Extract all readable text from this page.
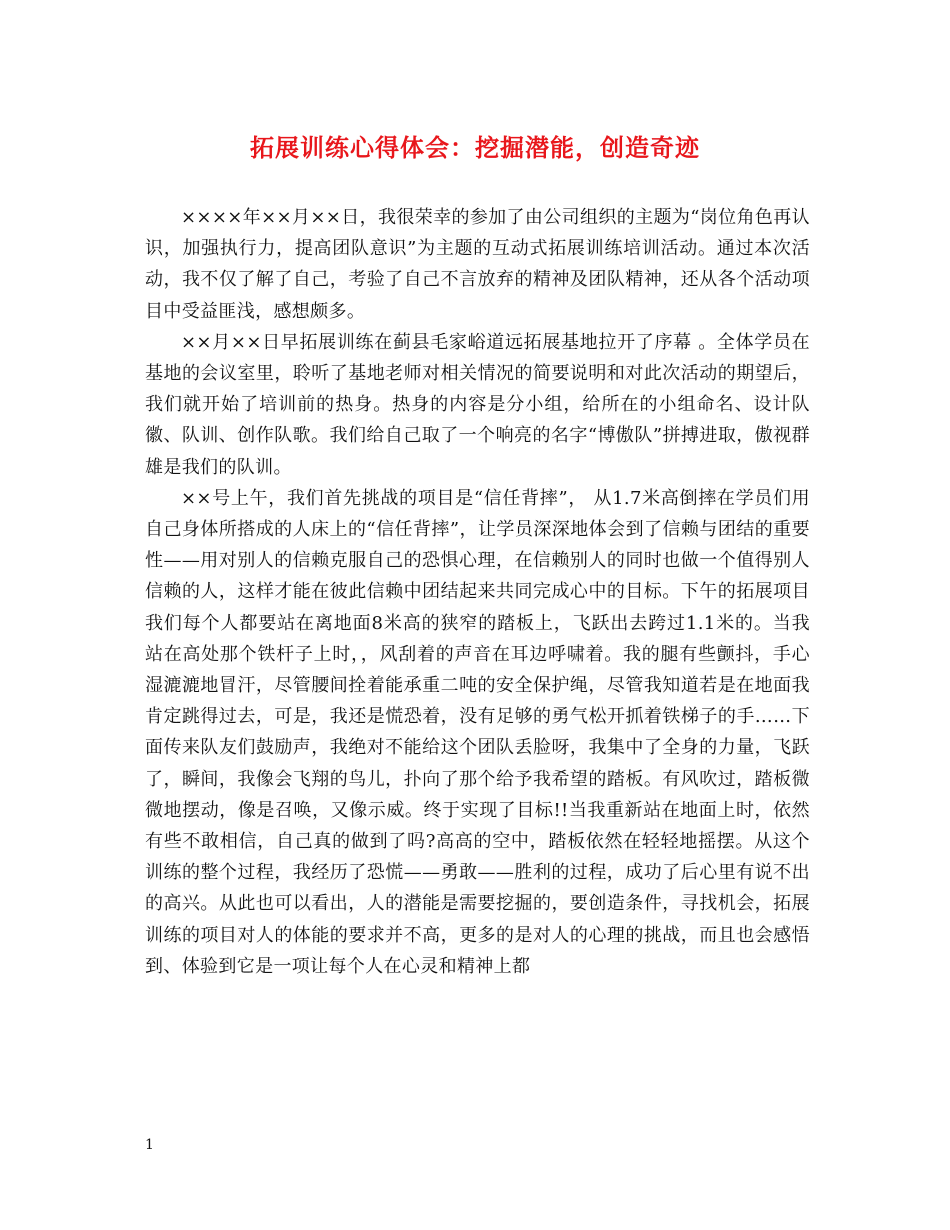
拓展训练心得体会：挖掘潜能，创造奇迹

××××年××月××日，我很荣幸的参加了由公司组织的主题为“岗位角色再认识，加强执行力，提高团队意识”为主题的互动式拓展训练培训活动。通过本次活动，我不仅了解了自己，考验了自己不言放弃的精神及团队精神，还从各个活动项目中受益匪浅，感想颇多。

××月××日早拓展训练在蓟县毛家峪道远拓展基地拉开了序幕 。全体学员在基地的会议室里，聆听了基地老师对相关情况的简要说明和对此次活动的期望后，我们就开始了培训前的热身。热身的内容是分小组，给所在的小组命名、设计队徽、队训、创作队歌。我们给自己取了一个响亮的名字“博傲队”拼搏进取，傲视群雄是我们的队训。

××号上午，我们首先挑战的项目是“信任背摔”， 从1.7米高倒摔在学员们用自己身体所搭成的人床上的“信任背摔”，让学员深深地体会到了信赖与团结的重要性——用对别人的信赖克服自己的恐惧心理，在信赖别人的同时也做一个值得别人信赖的人，这样才能在彼此信赖中团结起来共同完成心中的目标。下午的拓展项目我们每个人都要站在离地面8米高的狭窄的踏板上，飞跃出去跨过1.1米的。当我站在高处那个铁杆子上时，，风刮着的声音在耳边呼啸着。我的腿有些颤抖，手心湿漉漉地冒汗，尽管腰间拴着能承重二吨的安全保护绳，尽管我知道若是在地面我肯定跳得过去，可是，我还是慌恐着，没有足够的勇气松开抓着铁梯子的手……下面传来队友们鼓励声，我绝对不能给这个团队丢脸呀，我集中了全身的力量，飞跃了，瞬间，我像会飞翔的鸟儿，扑向了那个给予我希望的踏板。有风吹过，踏板微微地摆动，像是召唤，又像示威。终于实现了目标!!当我重新站在地面上时，依然有些不敢相信，自己真的做到了吗?高高的空中，踏板依然在轻轻地摇摆。从这个训练的整个过程，我经历了恐慌——勇敢——胜利的过程，成功了后心里有说不出的高兴。从此也可以看出，人的潜能是需要挖掘的，要创造条件，寻找机会，拓展训练的项目对人的体能的要求并不高，更多的是对人的心理的挑战，而且也会感悟到、体验到它是一项让每个人在心灵和精神上都

1
